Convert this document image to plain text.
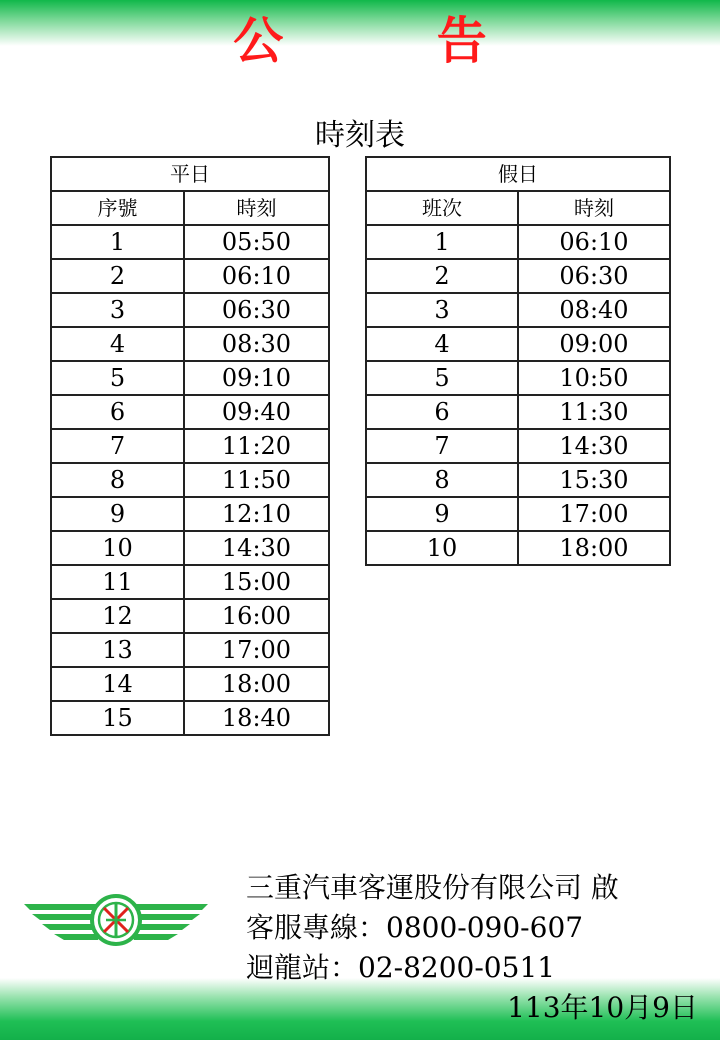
公 告
時刻表
平日	
序號	時刻
1	05:50
2	06:10
3	06:30
4	08:30
5	09:10
6	09:40
7	11:20
8	11:50
9	12:10
10	14:30
11	15:00
12	16:00
13	17:00
14	18:00
15	18:40
假日	
班次	時刻
1	06:10
2	06:30
3	08:40
4	09:00
5	10:50
6	11:30
7	14:30
8	15:30
9	17:00
10	18:00
三重汽車客運股份有限公司 啟
客服專線：0800-090-607
迴龍站：02-8200-0511
113年10月9日
